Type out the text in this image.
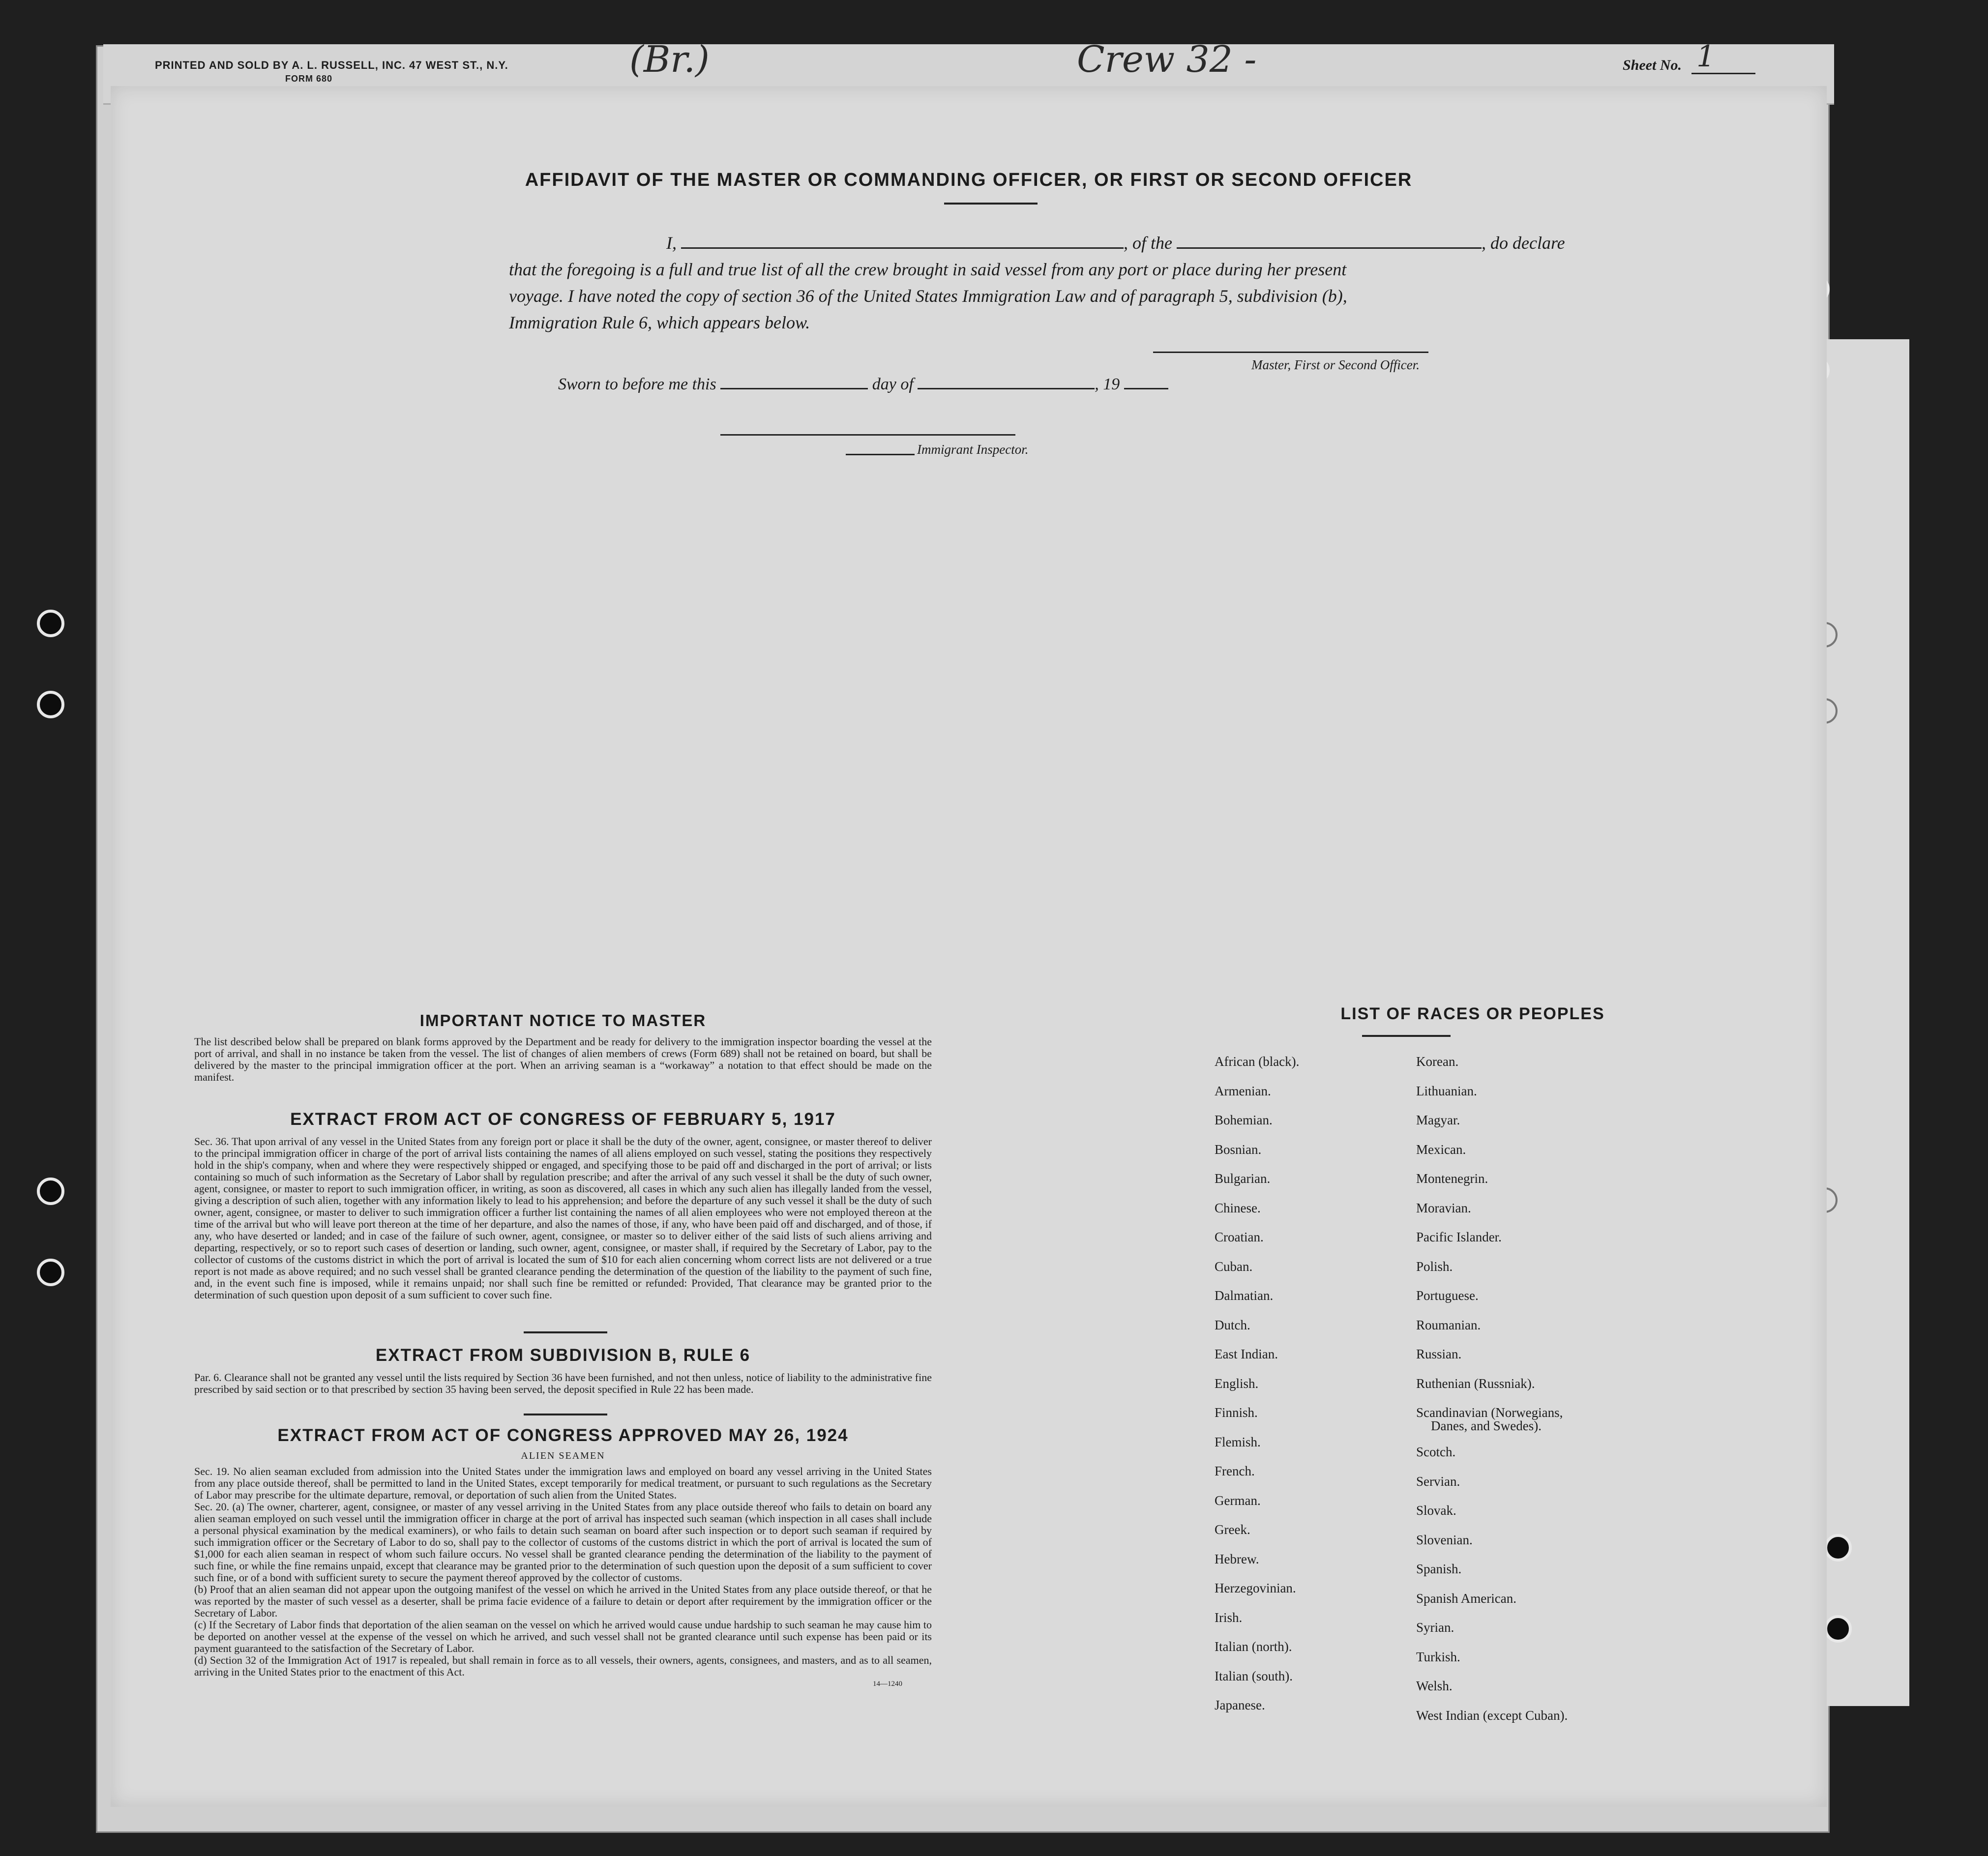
PRINTED AND SOLD BY A. L. RUSSELL, INC. 47 WEST ST., N.Y.
FORM 680	(Br.)	Crew 32 -	Sheet No. 1
AFFIDAVIT OF THE MASTER OR COMMANDING OFFICER, OR FIRST OR SECOND OFFICER
I,	, of the	, do declare
that the foregoing is a full and true list of all the crew brought in said vessel from any port or place during her present
voyage. I have noted the copy of section 36 of the United States Immigration Law and of paragraph 5, subdivision (b),
Immigration Rule 6, which appears below.
Master, First or Second Officer.
Sworn to before me this	day of	, 19
Immigrant Inspector.
IMPORTANT NOTICE TO MASTER
The list described below shall be prepared on blank forms approved by the Department and be ready for delivery to the immigration inspector boarding the vessel at the port of arrival, and shall in no instance be taken from the vessel. The list of changes of alien members of crews (Form 689) shall not be retained on board, but shall be delivered by the master to the principal immigration officer at the port. When an arriving seaman is a “workaway” a notation to that effect should be made on the manifest.
EXTRACT FROM ACT OF CONGRESS OF FEBRUARY 5, 1917
Sec. 36. That upon arrival of any vessel in the United States from any foreign port or place it shall be the duty of the owner, agent, consignee, or master thereof to deliver to the principal immigration officer in charge of the port of arrival lists containing the names of all aliens employed on such vessel, stating the positions they respectively hold in the ship's company, when and where they were respectively shipped or engaged, and specifying those to be paid off and discharged in the port of arrival; or lists containing so much of such information as the Secretary of Labor shall by regulation prescribe; and after the arrival of any such vessel it shall be the duty of such owner, agent, consignee, or master to report to such immigration officer, in writing, as soon as discovered, all cases in which any such alien has illegally landed from the vessel, giving a description of such alien, together with any information likely to lead to his apprehension; and before the departure of any such vessel it shall be the duty of such owner, agent, consignee, or master to deliver to such immigration officer a further list containing the names of all alien employees who were not employed thereon at the time of the arrival but who will leave port thereon at the time of her departure, and also the names of those, if any, who have been paid off and discharged, and of those, if any, who have deserted or landed; and in case of the failure of such owner, agent, consignee, or master so to deliver either of the said lists of such aliens arriving and departing, respectively, or so to report such cases of desertion or landing, such owner, agent, consignee, or master shall, if required by the Secretary of Labor, pay to the collector of customs of the customs district in which the port of arrival is located the sum of $10 for each alien concerning whom correct lists are not delivered or a true report is not made as above required; and no such vessel shall be granted clearance pending the determination of the question of the liability to the payment of such fine, and, in the event such fine is imposed, while it remains unpaid; nor shall such fine be remitted or refunded: Provided, That clearance may be granted prior to the determination of such question upon deposit of a sum sufficient to cover such fine.
EXTRACT FROM SUBDIVISION B, RULE 6
Par. 6. Clearance shall not be granted any vessel until the lists required by Section 36 have been furnished, and not then unless, notice of liability to the administrative fine prescribed by said section or to that prescribed by section 35 having been served, the deposit specified in Rule 22 has been made.
EXTRACT FROM ACT OF CONGRESS APPROVED MAY 26, 1924
ALIEN SEAMEN
Sec. 19. No alien seaman excluded from admission into the United States under the immigration laws and employed on board any vessel arriving in the United States from any place outside thereof, shall be permitted to land in the United States, except temporarily for medical treatment, or pursuant to such regulations as the Secretary of Labor may prescribe for the ultimate departure, removal, or deportation of such alien from the United States.
Sec. 20. (a) The owner, charterer, agent, consignee, or master of any vessel arriving in the United States from any place outside thereof who fails to detain on board any alien seaman employed on such vessel until the immigration officer in charge at the port of arrival has inspected such seaman (which inspection in all cases shall include a personal physical examination by the medical examiners), or who fails to detain such seaman on board after such inspection or to deport such seaman if required by such immigration officer or the Secretary of Labor to do so, shall pay to the collector of customs of the customs district in which the port of arrival is located the sum of $1,000 for each alien seaman in respect of whom such failure occurs. No vessel shall be granted clearance pending the determination of the liability to the payment of such fine, or while the fine remains unpaid, except that clearance may be granted prior to the determination of such question upon the deposit of a sum sufficient to cover such fine, or of a bond with sufficient surety to secure the payment thereof approved by the collector of customs.
(b) Proof that an alien seaman did not appear upon the outgoing manifest of the vessel on which he arrived in the United States from any place outside thereof, or that he was reported by the master of such vessel as a deserter, shall be prima facie evidence of a failure to detain or deport after requirement by the immigration officer or the Secretary of Labor.
(c) If the Secretary of Labor finds that deportation of the alien seaman on the vessel on which he arrived would cause undue hardship to such seaman he may cause him to be deported on another vessel at the expense of the vessel on which he arrived, and such vessel shall not be granted clearance until such expense has been paid or its payment guaranteed to the satisfaction of the Secretary of Labor.
(d) Section 32 of the Immigration Act of 1917 is repealed, but shall remain in force as to all vessels, their owners, agents, consignees, and masters, and as to all seamen, arriving in the United States prior to the enactment of this Act.
14—1240
LIST OF RACES OR PEOPLES
African (black).
Armenian.
Bohemian.
Bosnian.
Bulgarian.
Chinese.
Croatian.
Cuban.
Dalmatian.
Dutch.
East Indian.
English.
Finnish.
Flemish.
French.
German.
Greek.
Hebrew.
Herzegovinian.
Irish.
Italian (north).
Italian (south).
Japanese.
Korean.
Lithuanian.
Magyar.
Mexican.
Montenegrin.
Moravian.
Pacific Islander.
Polish.
Portuguese.
Roumanian.
Russian.
Ruthenian (Russniak).
Scandinavian (Norwegians,
Danes, and Swedes).
Scotch.
Servian.
Slovak.
Slovenian.
Spanish.
Spanish American.
Syrian.
Turkish.
Welsh.
West Indian (except Cuban).
